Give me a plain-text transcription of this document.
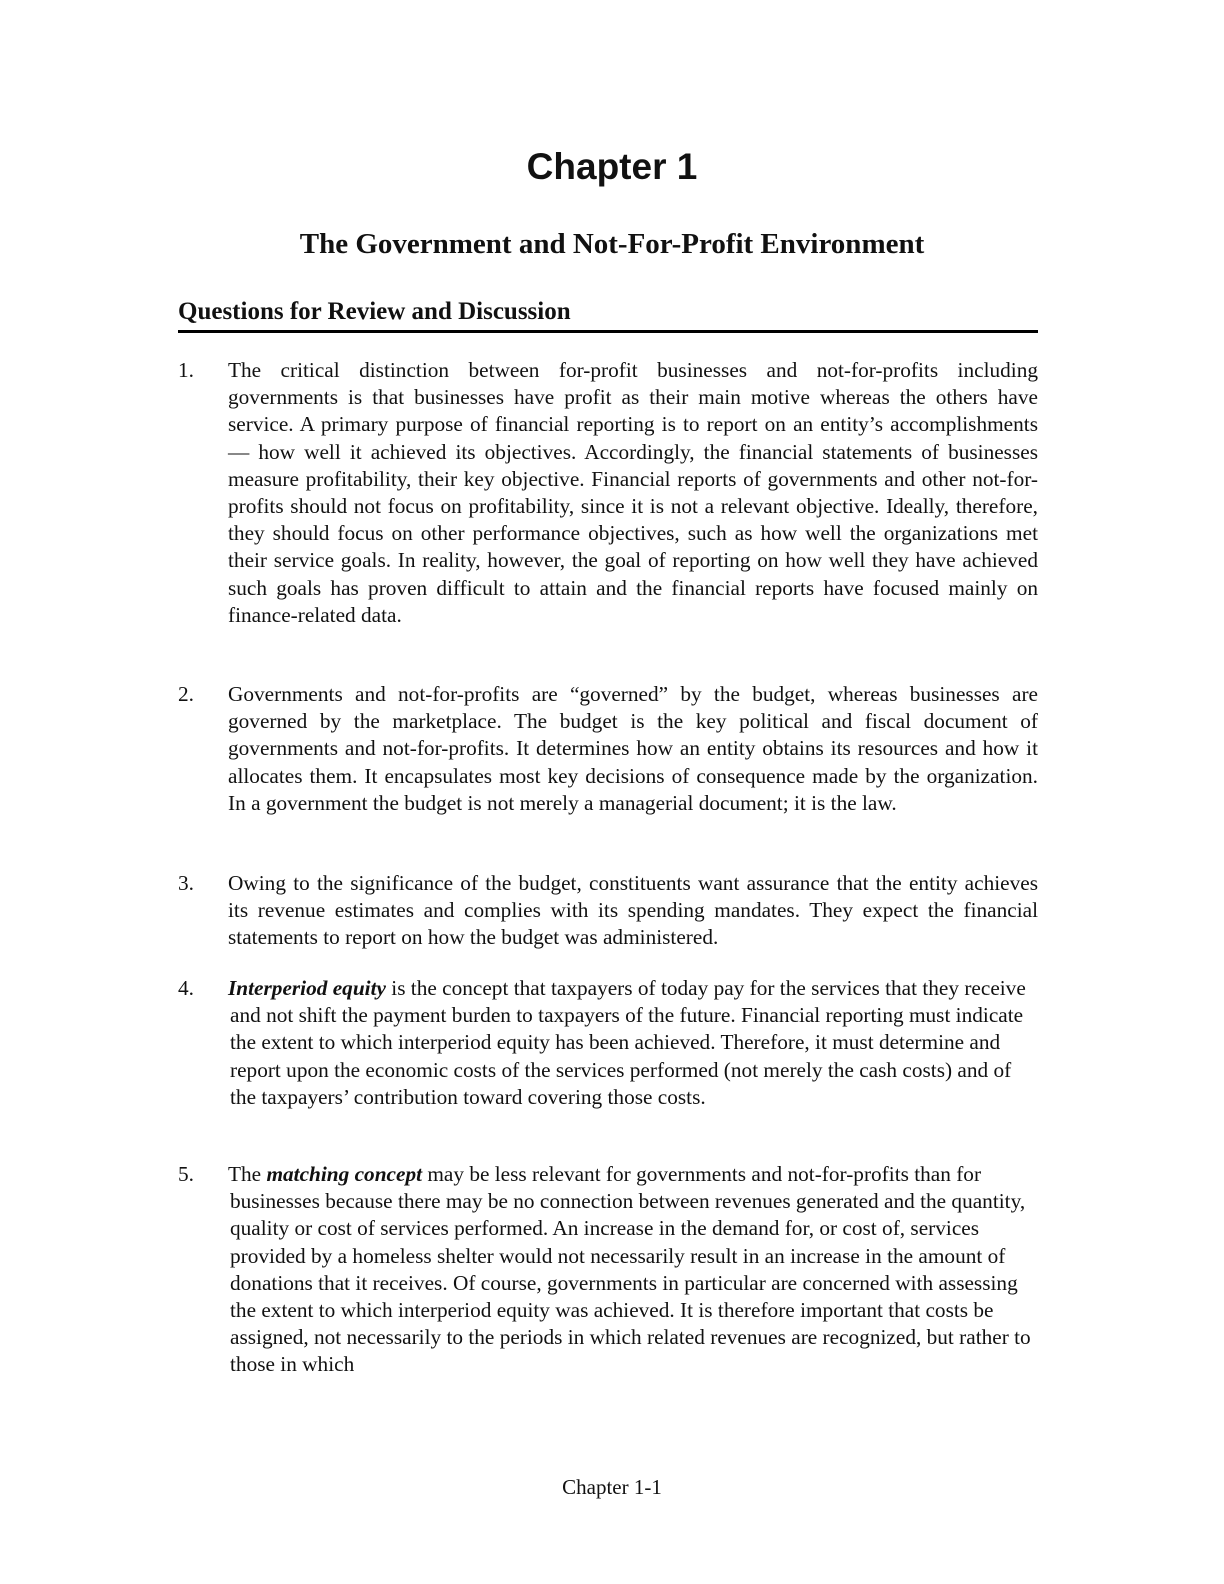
Chapter 1
The Government and Not-For-Profit Environment
Questions for Review and Discussion
1. The critical distinction between for-profit businesses and not-for-profits including governments is that businesses have profit as their main motive whereas the others have service. A primary purpose of financial reporting is to report on an entity’s accomplishments — how well it achieved its objectives. Accordingly, the financial statements of businesses measure profitability, their key objective. Financial reports of governments and other not-for-profits should not focus on profitability, since it is not a relevant objective. Ideally, therefore, they should focus on other performance objectives, such as how well the organizations met their service goals. In reality, however, the goal of reporting on how well they have achieved such goals has proven difficult to attain and the financial reports have focused mainly on finance-related data.
2. Governments and not-for-profits are “governed” by the budget, whereas businesses are governed by the marketplace. The budget is the key political and fiscal document of governments and not-for-profits. It determines how an entity obtains its resources and how it allocates them. It encapsulates most key decisions of consequence made by the organization. In a government the budget is not merely a managerial document; it is the law.
3. Owing to the significance of the budget, constituents want assurance that the entity achieves its revenue estimates and complies with its spending mandates. They expect the financial statements to report on how the budget was administered.
4. Interperiod equity is the concept that taxpayers of today pay for the services that they receive and not shift the payment burden to taxpayers of the future. Financial reporting must indicate the extent to which interperiod equity has been achieved. Therefore, it must determine and report upon the economic costs of the services performed (not merely the cash costs) and of the taxpayers’ contribution toward covering those costs.
5. The matching concept may be less relevant for governments and not-for-profits than for businesses because there may be no connection between revenues generated and the quantity, quality or cost of services performed. An increase in the demand for, or cost of, services provided by a homeless shelter would not necessarily result in an increase in the amount of donations that it receives. Of course, governments in particular are concerned with assessing the extent to which interperiod equity was achieved. It is therefore important that costs be assigned, not necessarily to the periods in which related revenues are recognized, but rather to those in which
Chapter 1-1
